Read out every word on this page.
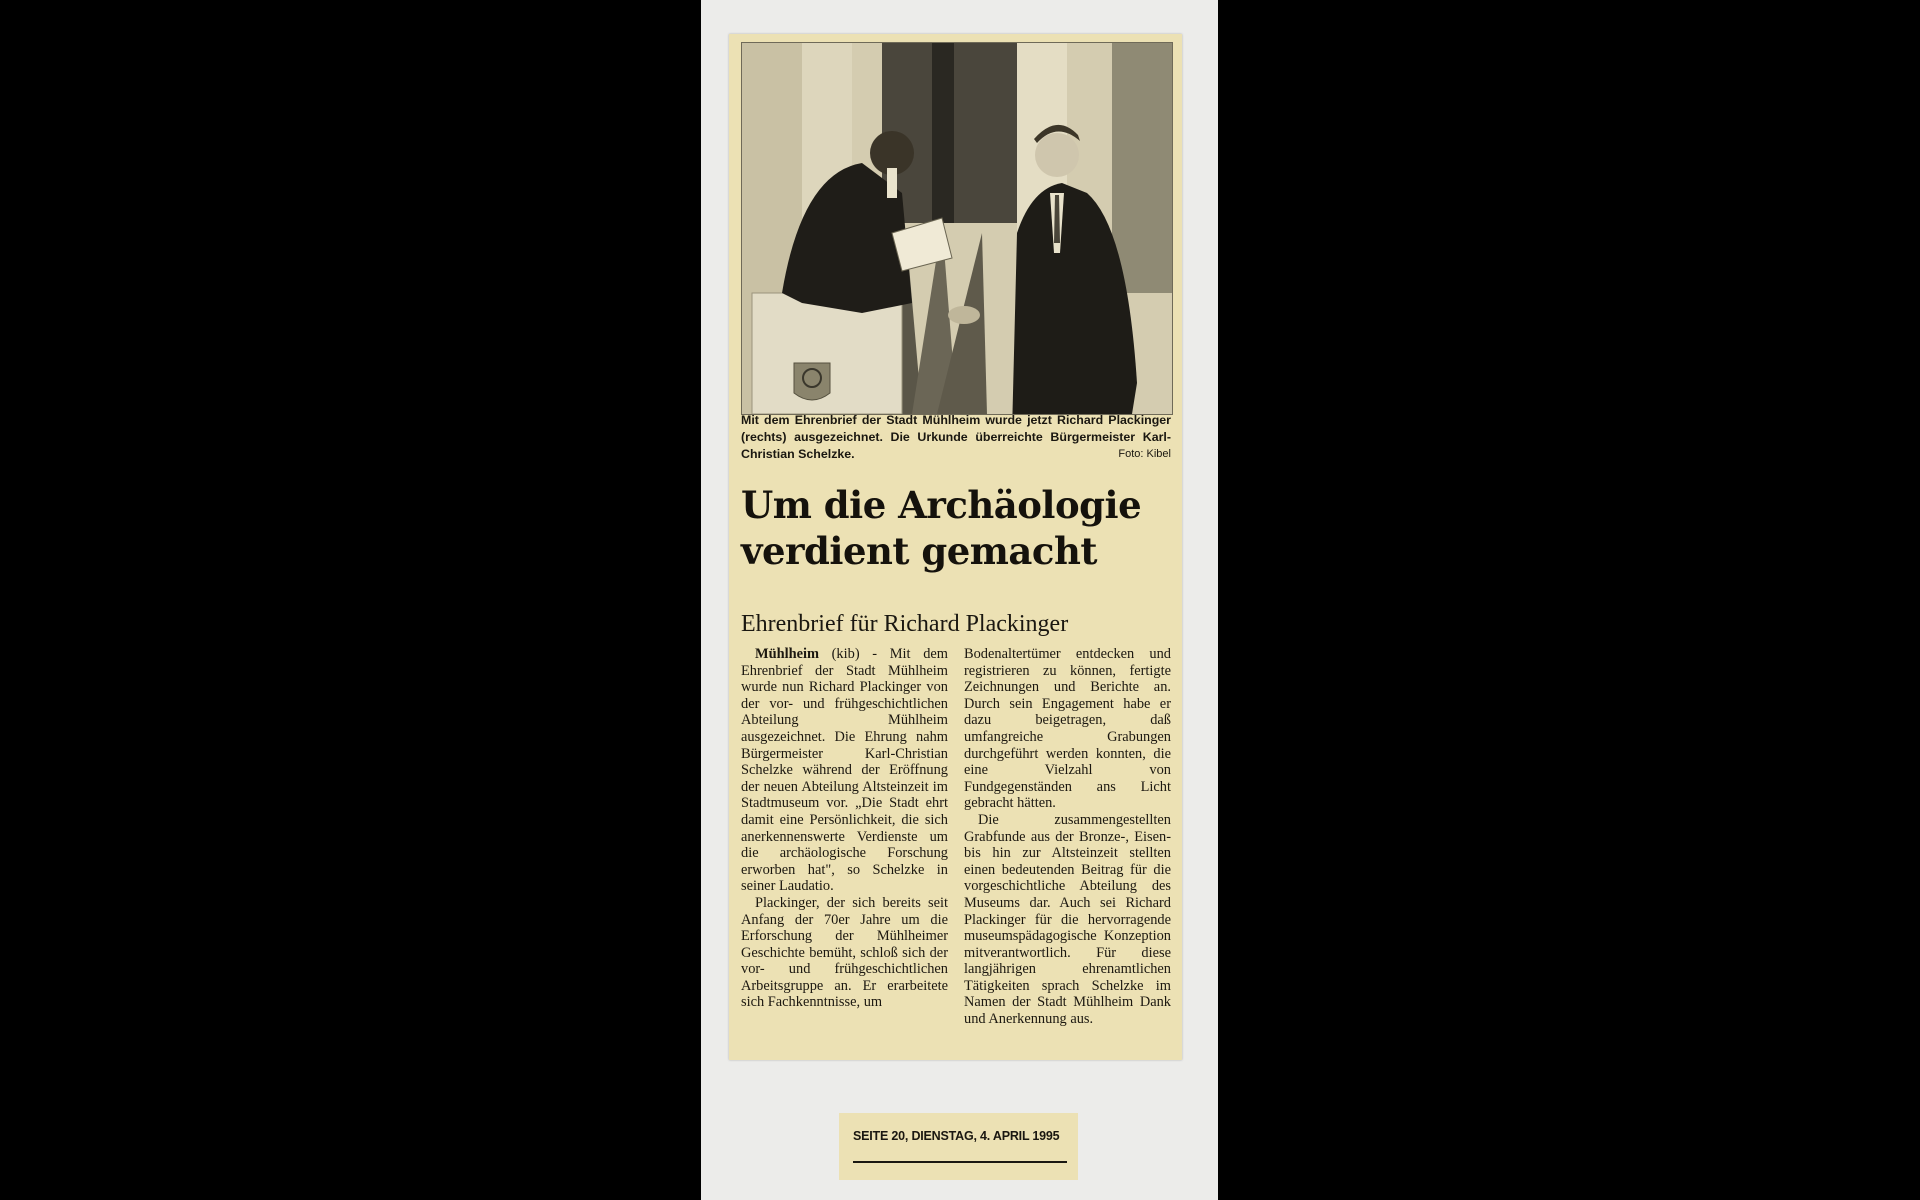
Mit dem Ehrenbrief der Stadt Mühlheim wurde jetzt Richard Plackinger (rechts) ausgezeichnet. Die Urkunde überreichte Bürgermeister Karl-Christian Schelzke.	Foto: Kibel
Um die Archäologie verdient gemacht
Ehrenbrief für Richard Plackinger

Mühlheim (kib) - Mit dem Ehrenbrief der Stadt Mühlheim wurde nun Richard Plackinger von der vor- und frühgeschichtlichen Abteilung Mühlheim ausgezeichnet. Die Ehrung nahm Bürgermeister Karl-Christian Schelzke während der Eröffnung der neuen Abteilung Altsteinzeit im Stadtmuseum vor. „Die Stadt ehrt damit eine Persönlichkeit, die sich anerkennenswerte Verdienste um die archäologische Forschung erworben hat", so Schelzke in seiner Laudatio.

Plackinger, der sich bereits seit Anfang der 70er Jahre um die Erforschung der Mühlheimer Geschichte bemüht, schloß sich der vor- und frühgeschichtlichen Arbeitsgruppe an. Er erarbeitete sich Fachkenntnisse, um

Bodenaltertümer entdecken und registrieren zu können, fertigte Zeichnungen und Berichte an. Durch sein Engagement habe er dazu beigetragen, daß umfangreiche Grabungen durchgeführt werden konnten, die eine Vielzahl von Fundgegenständen ans Licht gebracht hätten.

Die zusammengestellten Grabfunde aus der Bronze-, Eisen- bis hin zur Altsteinzeit stellten einen bedeutenden Beitrag für die vorgeschichtliche Abteilung des Museums dar. Auch sei Richard Plackinger für die hervorragende museumspädagogische Konzeption mitverantwortlich. Für diese langjährigen ehrenamtlichen Tätigkeiten sprach Schelzke im Namen der Stadt Mühlheim Dank und Anerkennung aus.

SEITE 20, DIENSTAG, 4. APRIL 1995
